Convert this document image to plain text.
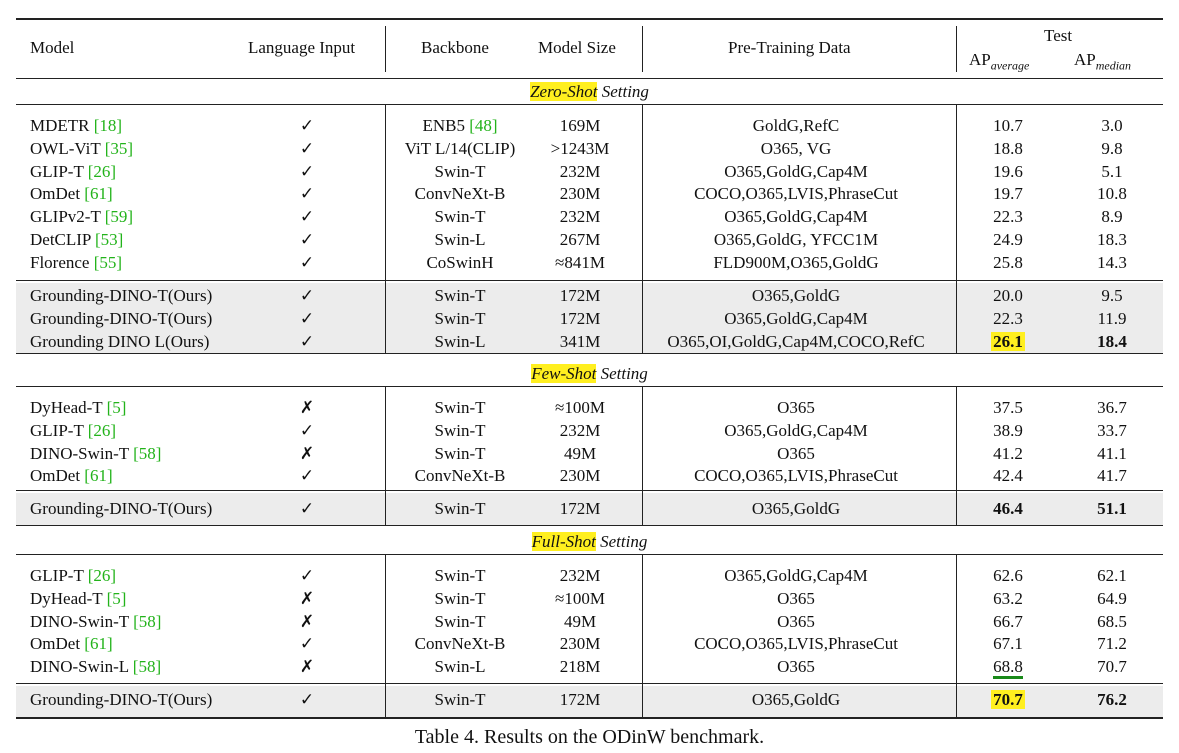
Model	Language Input	Backbone	Model Size	Pre-Training Data
Test
$AP_{average}$	$AP_{median}$
Zero-Shot Setting
MDETR [18]	✓	ENB5 [48]	169M	GoldG,RefC	10.7	3.0
OWL-ViT [35]	✓	ViT L/14(CLIP)	>1243M	O365, VG	18.8	9.8
GLIP-T [26]	✓	Swin-T	232M	O365,GoldG,Cap4M	19.6	5.1
OmDet [61]	✓	ConvNeXt-B	230M	COCO,O365,LVIS,PhraseCut	19.7	10.8
GLIPv2-T [59]	✓	Swin-T	232M	O365,GoldG,Cap4M	22.3	8.9
DetCLIP [53]	✓	Swin-L	267M	O365,GoldG, YFCC1M	24.9	18.3
Florence [55]	✓	CoSwinH	≈841M	FLD900M,O365,GoldG	25.8	14.3
Grounding-DINO-T(Ours)	✓	Swin-T	172M	O365,GoldG	20.0	9.5
Grounding-DINO-T(Ours)	✓	Swin-T	172M	O365,GoldG,Cap4M	22.3	11.9
Grounding DINO L(Ours)	✓	Swin-L	341M	O365,OI,GoldG,Cap4M,COCO,RefC	26.1	18.4
Few-Shot Setting
DyHead-T [5]	✗	Swin-T	≈100M	O365	37.5	36.7
GLIP-T [26]	✓	Swin-T	232M	O365,GoldG,Cap4M	38.9	33.7
DINO-Swin-T [58]	✗	Swin-T	49M	O365	41.2	41.1
OmDet [61]	✓	ConvNeXt-B	230M	COCO,O365,LVIS,PhraseCut	42.4	41.7
Grounding-DINO-T(Ours)	✓	Swin-T	172M	O365,GoldG	46.4	51.1
Full-Shot Setting
GLIP-T [26]	✓	Swin-T	232M	O365,GoldG,Cap4M	62.6	62.1
DyHead-T [5]	✗	Swin-T	≈100M	O365	63.2	64.9
DINO-Swin-T [58]	✗	Swin-T	49M	O365	66.7	68.5
OmDet [61]	✓	ConvNeXt-B	230M	COCO,O365,LVIS,PhraseCut	67.1	71.2
DINO-Swin-L [58]	✗	Swin-L	218M	O365	68.8	70.7
Grounding-DINO-T(Ours)	✓	Swin-T	172M	O365,GoldG	70.7	76.2
Table 4. Results on the ODinW benchmark.
